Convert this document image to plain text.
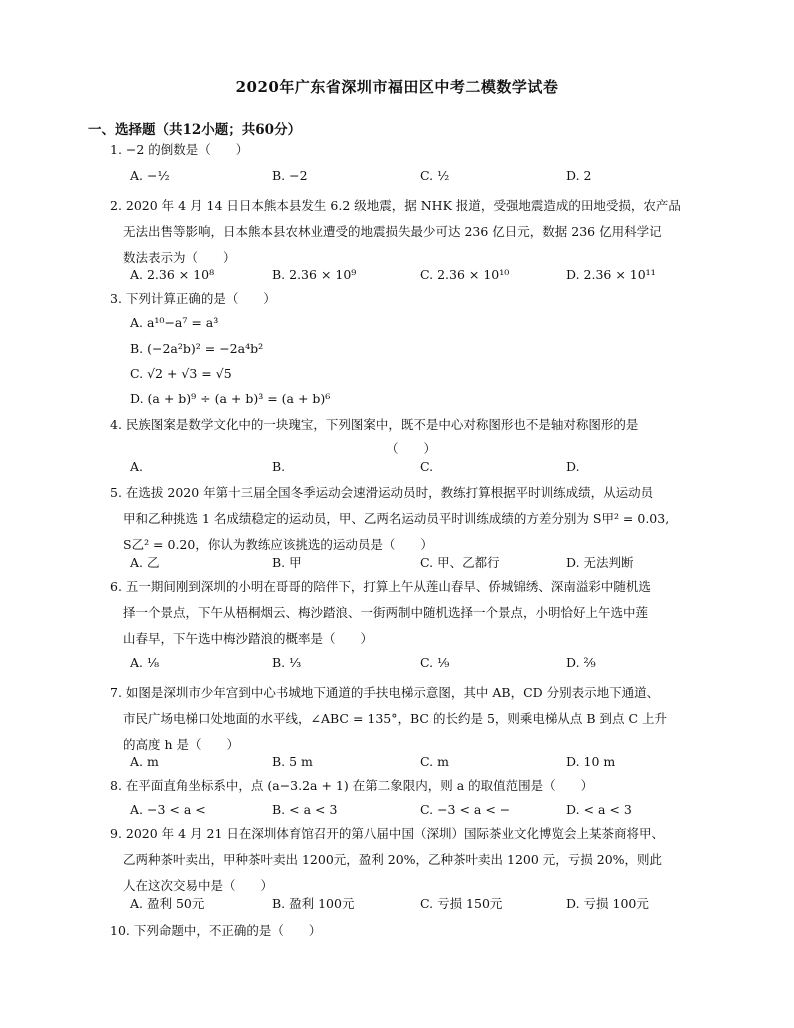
2020年广东省深圳市福田区中考二模数学试卷
一、选择题（共12小题；共60分）
1. −2 的倒数是（　　）
A. −½	B. −2	C. ½	D. 2
2. 2020 年 4 月 14 日日本熊本县发生 6.2 级地震，据 NHK 报道，受强地震造成的田地受损，农产品
无法出售等影响，日本熊本县农林业遭受的地震损失最少可达 236 亿日元，数据 236 亿用科学记
数法表示为（　　）
A. 2.36 × 10⁸	B. 2.36 × 10⁹	C. 2.36 × 10¹⁰	D. 2.36 × 10¹¹
3. 下列计算正确的是（　　）
A. a¹⁰−a⁷ = a³
B. (−2a²b)² = −2a⁴b²
C. √2 + √3 = √5
D. (a + b)⁹ ÷ (a + b)³ = (a + b)⁶
4. 民族图案是数学文化中的一块瑰宝，下列图案中，既不是中心对称图形也不是轴对称图形的是
（　　）
A.	B.	C.	D.
5. 在选拔 2020 年第十三届全国冬季运动会速滑运动员时，教练打算根据平时训练成绩，从运动员
甲和乙种挑选 1 名成绩稳定的运动员，甲、乙两名运动员平时训练成绩的方差分别为 S甲² = 0.03,
S乙² = 0.20，你认为教练应该挑选的运动员是（　　）
A. 乙	B. 甲	C. 甲、乙都行	D. 无法判断
6. 五一期间刚到深圳的小明在哥哥的陪伴下，打算上午从莲山春早、侨城锦绣、深南溢彩中随机选
择一个景点，下午从梧桐烟云、梅沙踏浪、一街两制中随机选择一个景点，小明恰好上午选中莲
山春早，下午选中梅沙踏浪的概率是（　　）
A. ⅛	B. ⅓	C. ⅑	D. ²⁄₉
7. 如图是深圳市少年宫到中心书城地下通道的手扶电梯示意图，其中 AB，CD 分别表示地下通道、
市民广场电梯口处地面的水平线，∠ABC = 135°，BC 的长约是 5，则乘电梯从点 B 到点 C 上升
的高度 h 是（　　）
A. m	B. 5 m	C. m	D. 10 m
8. 在平面直角坐标系中，点 (a−3.2a + 1) 在第二象限内，则 a 的取值范围是（　　）
A. −3 < a <	B. < a < 3	C. −3 < a < −	D. < a < 3
9. 2020 年 4 月 21 日在深圳体育馆召开的第八届中国（深圳）国际茶业文化博览会上某茶商将甲、
乙两种茶叶卖出，甲种茶叶卖出 1200元，盈利 20%，乙种茶叶卖出 1200 元，亏损 20%，则此
人在这次交易中是（　　）
A. 盈利 50元	B. 盈利 100元	C. 亏损 150元	D. 亏损 100元
10. 下列命题中，不正确的是（　　）
